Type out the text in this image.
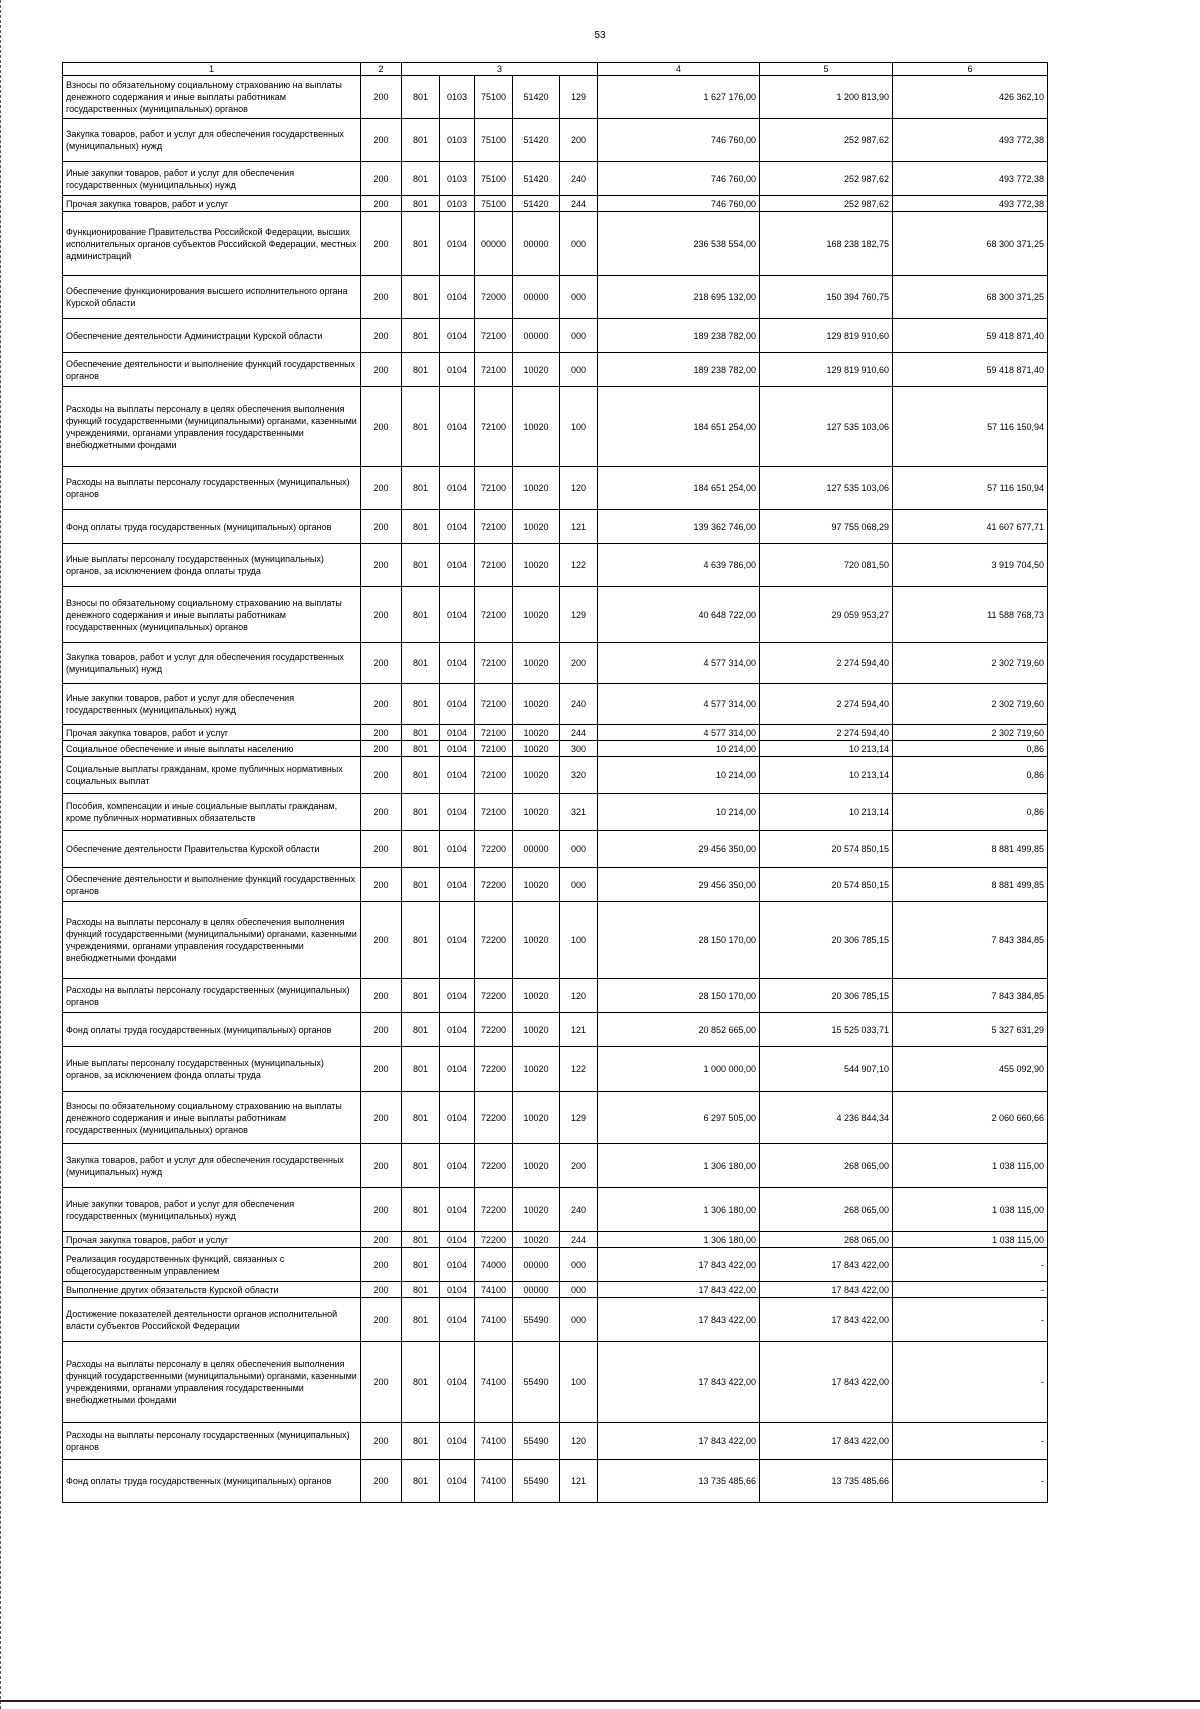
53
1	2	3					4	5	6
Взносы по обязательному социальному страхованию на выплаты денежного содержания и иные выплаты работникам государственных (муниципальных) органов	200	801	0103	75100	51420	129	1 627 176,00	1 200 813,90	426 362,10
Закупка товаров, работ и услуг для обеспечения государственных (муниципальных) нужд	200	801	0103	75100	51420	200	746 760,00	252 987,62	493 772,38
Иные закупки товаров, работ и услуг для обеспечения государственных (муниципальных) нужд	200	801	0103	75100	51420	240	746 760,00	252 987,62	493 772,38
Прочая закупка товаров, работ и услуг	200	801	0103	75100	51420	244	746 760,00	252 987,62	493 772,38
Функционирование Правительства Российской Федерации, высших исполнительных органов субъектов Российской Федерации, местных администраций	200	801	0104	00000	00000	000	236 538 554,00	168 238 182,75	68 300 371,25
Обеспечение функционирования высшего исполнительного органа Курской области	200	801	0104	72000	00000	000	218 695 132,00	150 394 760,75	68 300 371,25
Обеспечение деятельности Администрации Курской области	200	801	0104	72100	00000	000	189 238 782,00	129 819 910,60	59 418 871,40
Обеспечение деятельности и выполнение функций государственных органов	200	801	0104	72100	10020	000	189 238 782,00	129 819 910,60	59 418 871,40
Расходы на выплаты персоналу в целях обеспечения выполнения функций государственными (муниципальными) органами, казенными учреждениями, органами управления государственными внебюджетными фондами	200	801	0104	72100	10020	100	184 651 254,00	127 535 103,06	57 116 150,94
Расходы на выплаты персоналу государственных (муниципальных) органов	200	801	0104	72100	10020	120	184 651 254,00	127 535 103,06	57 116 150,94
Фонд оплаты труда государственных (муниципальных) органов	200	801	0104	72100	10020	121	139 362 746,00	97 755 068,29	41 607 677,71
Иные выплаты персоналу государственных (муниципальных) органов, за исключением фонда оплаты труда	200	801	0104	72100	10020	122	4 639 786,00	720 081,50	3 919 704,50
Взносы по обязательному социальному страхованию на выплаты денежного содержания и иные выплаты работникам государственных (муниципальных) органов	200	801	0104	72100	10020	129	40 648 722,00	29 059 953,27	11 588 768,73
Закупка товаров, работ и услуг для обеспечения государственных (муниципальных) нужд	200	801	0104	72100	10020	200	4 577 314,00	2 274 594,40	2 302 719,60
Иные закупки товаров, работ и услуг для обеспечения государственных (муниципальных) нужд	200	801	0104	72100	10020	240	4 577 314,00	2 274 594,40	2 302 719,60
Прочая закупка товаров, работ и услуг	200	801	0104	72100	10020	244	4 577 314,00	2 274 594,40	2 302 719,60
Социальное обеспечение и иные выплаты населению	200	801	0104	72100	10020	300	10 214,00	10 213,14	0,86
Социальные выплаты гражданам, кроме публичных нормативных социальных выплат	200	801	0104	72100	10020	320	10 214,00	10 213,14	0,86
Пособия, компенсации и иные социальные выплаты гражданам, кроме публичных нормативных обязательств	200	801	0104	72100	10020	321	10 214,00	10 213,14	0,86
Обеспечение деятельности Правительства Курской области	200	801	0104	72200	00000	000	29 456 350,00	20 574 850,15	8 881 499,85
Обеспечение деятельности и выполнение функций государственных органов	200	801	0104	72200	10020	000	29 456 350,00	20 574 850,15	8 881 499,85
Расходы на выплаты персоналу в целях обеспечения выполнения функций государственными (муниципальными) органами, казенными учреждениями, органами управления государственными внебюджетными фондами	200	801	0104	72200	10020	100	28 150 170,00	20 306 785,15	7 843 384,85
Расходы на выплаты персоналу государственных (муниципальных) органов	200	801	0104	72200	10020	120	28 150 170,00	20 306 785,15	7 843 384,85
Фонд оплаты труда государственных (муниципальных) органов	200	801	0104	72200	10020	121	20 852 665,00	15 525 033,71	5 327 631,29
Иные выплаты персоналу государственных (муниципальных) органов, за исключением фонда оплаты труда	200	801	0104	72200	10020	122	1 000 000,00	544 907,10	455 092,90
Взносы по обязательному социальному страхованию на выплаты денежного содержания и иные выплаты работникам государственных (муниципальных) органов	200	801	0104	72200	10020	129	6 297 505,00	4 236 844,34	2 060 660,66
Закупка товаров, работ и услуг для обеспечения государственных (муниципальных) нужд	200	801	0104	72200	10020	200	1 306 180,00	268 065,00	1 038 115,00
Иные закупки товаров, работ и услуг для обеспечения государственных (муниципальных) нужд	200	801	0104	72200	10020	240	1 306 180,00	268 065,00	1 038 115,00
Прочая закупка товаров, работ и услуг	200	801	0104	72200	10020	244	1 306 180,00	268 065,00	1 038 115,00
Реализация государственных функций, связанных с общегосударственным управлением	200	801	0104	74000	00000	000	17 843 422,00	17 843 422,00	-
Выполнение других обязательств Курской области	200	801	0104	74100	00000	000	17 843 422,00	17 843 422,00	-
Достижение показателей деятельности органов исполнительной власти субъектов Российской Федерации	200	801	0104	74100	55490	000	17 843 422,00	17 843 422,00	-
Расходы на выплаты персоналу в целях обеспечения выполнения функций государственными (муниципальными) органами, казенными учреждениями, органами управления государственными внебюджетными фондами	200	801	0104	74100	55490	100	17 843 422,00	17 843 422,00	-
Расходы на выплаты персоналу государственных (муниципальных) органов	200	801	0104	74100	55490	120	17 843 422,00	17 843 422,00	-
Фонд оплаты труда государственных (муниципальных) органов	200	801	0104	74100	55490	121	13 735 485,66	13 735 485,66	-
